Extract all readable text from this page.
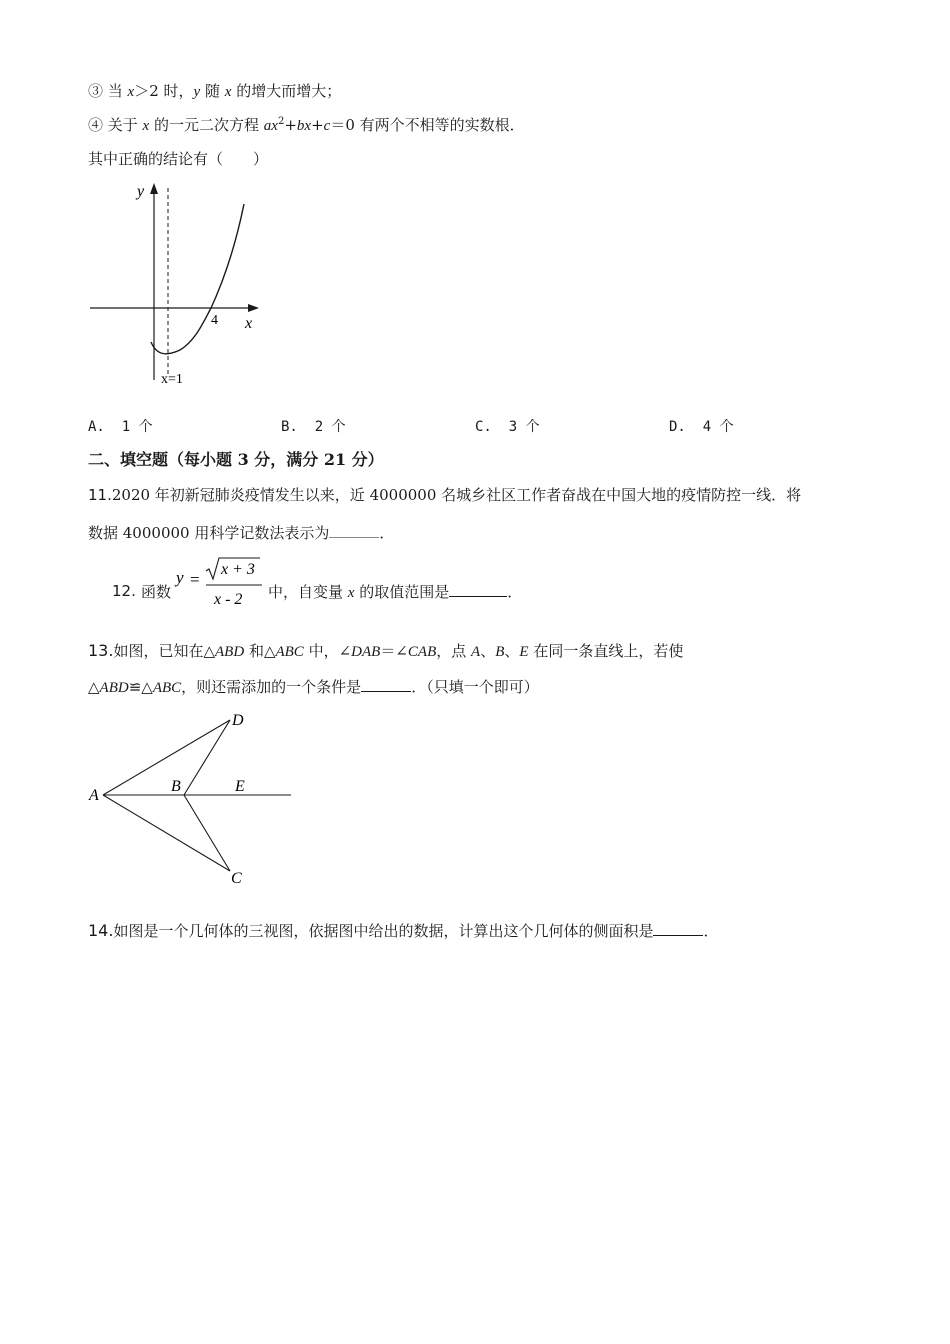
③ 当 x＞2 时，y 随 x 的增大而增大；
④ 关于 x 的一元二次方程 $ax^2+bx+c=0$ 有两个不相等的实数根．
其中正确的结论有（　　）
y
x
4
x=1
A. 1 个	B. 2 个	C. 3 个	D. 4 个
二、填空题（每小题 3 分，满分 21 分）
11.2020 年初新冠肺炎疫情发生以来，近 4000000 名城乡社区工作者奋战在中国大地的疫情防控一线．将
数据 4000000 用科学记数法表示为	．
12. 函数
y =
x + 3
x - 2 中，自变量 x 的取值范围是	．
13.如图，已知在△ABD 和△ABC 中，∠DAB＝∠CAB，点 A、B、E 在同一条直线上，若使
△ABD≌△ABC，则还需添加的一个条件是	．（只填一个即可）
A
B
D
E
C
14.如图是一个几何体的三视图，依据图中给出的数据，计算出这个几何体的侧面积是	．
